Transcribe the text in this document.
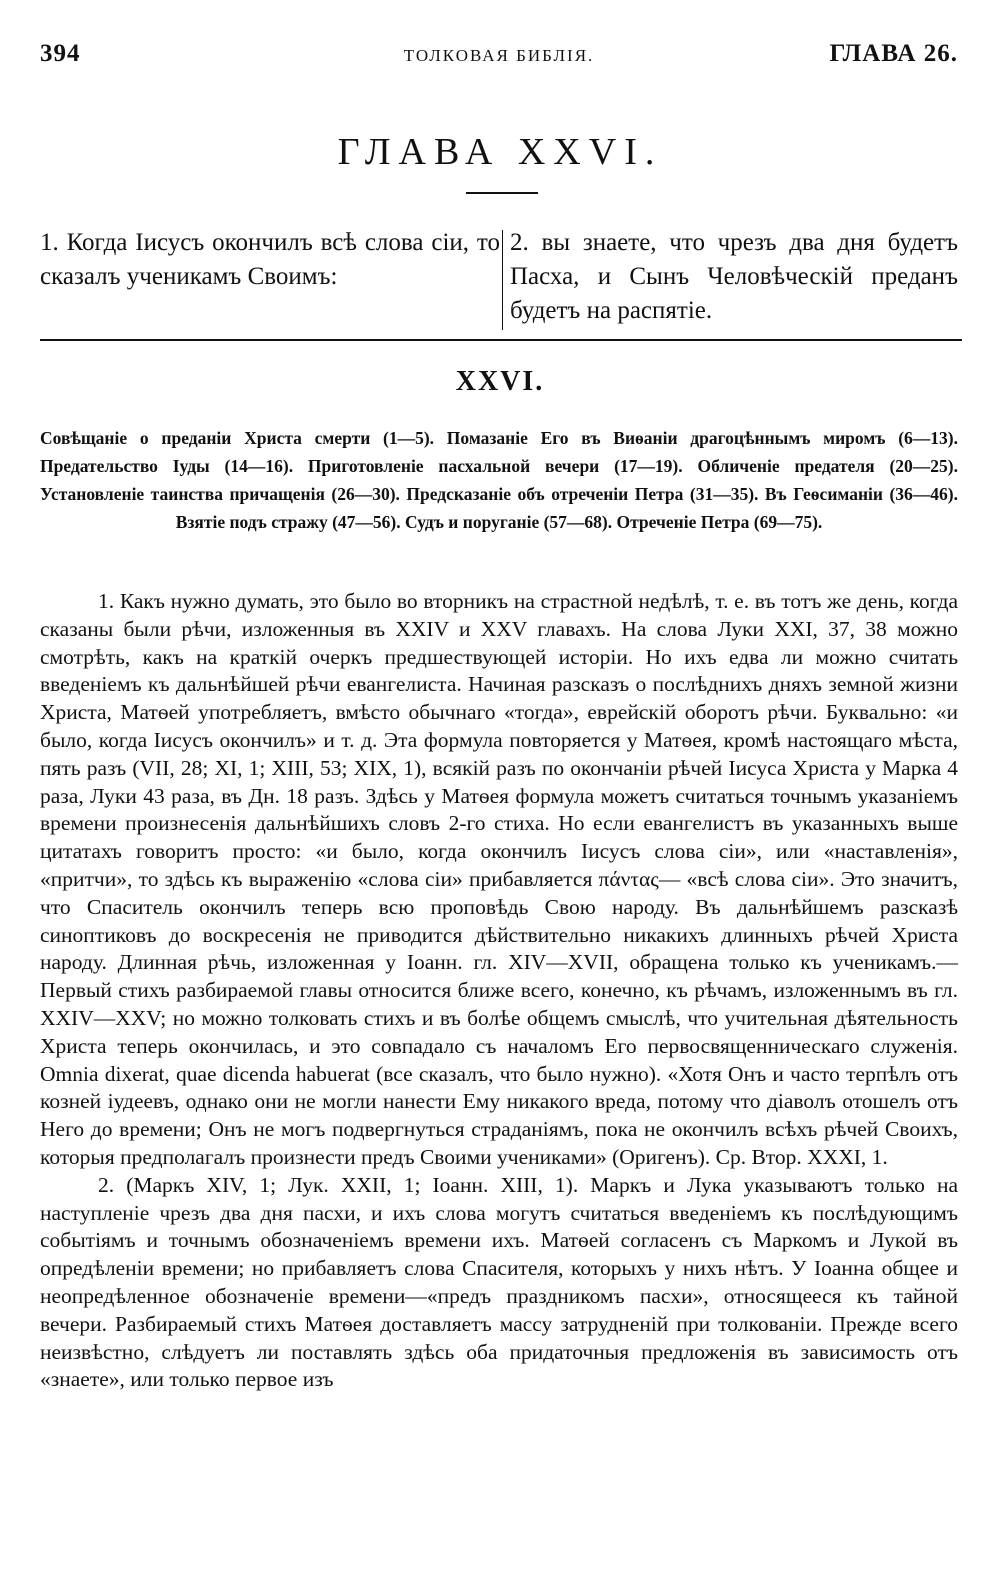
394	ТОЛКОВАЯ БИБЛІЯ.	ГЛАВА 26.
ГЛАВА XXVI.
1. Когда Іисусъ окончилъ всѣ слова сіи, то сказалъ ученикамъ Своимъ:
2. вы знаете, что чрезъ два дня будетъ Пасха, и Сынъ Человѣческій преданъ будетъ на распятіе.
XXVI.
Совѣщаніе о преданіи Христа смерти (1—5). Помазаніе Его въ Виѳаніи драгоцѣннымъ миромъ (6—13). Предательство Іуды (14—16). Приготовленіе пасхальной вечери (17—19). Обличеніе предателя (20—25). Установленіе таинства причащенія (26—30). Предсказаніе объ отреченіи Петра (31—35). Въ Геѳсиманіи (36—46). Взятіе подъ стражу (47—56). Судъ и поруганіе (57—68). Отреченіе Петра (69—75).

1. Какъ нужно думать, это было во вторникъ на страстной недѣлѣ, т. е. въ тотъ же день, когда сказаны были рѣчи, изложенныя въ XXIV и XXV главахъ. На слова Луки XXI, 37, 38 можно смотрѣть, какъ на краткій очеркъ предшествующей исторіи. Но ихъ едва ли можно считать введеніемъ къ дальнѣйшей рѣчи евангелиста. Начиная разсказъ о послѣднихъ дняхъ земной жизни Христа, Матѳей употребляетъ, вмѣсто обычнаго «тогда», еврейскій оборотъ рѣчи. Буквально: «и было, когда Іисусъ окончилъ» и т. д. Эта формула повторяется у Матѳея, кромѣ настоящаго мѣста, пять разъ (VII, 28; XI, 1; XIII, 53; XIX, 1), всякій разъ по окончаніи рѣчей Іисуса Христа у Марка 4 раза, Луки 43 раза, въ Дн. 18 разъ. Здѣсь у Матѳея формула можетъ считаться точнымъ указаніемъ времени произнесенія дальнѣйшихъ словъ 2-го стиха. Но если евангелистъ въ указанныхъ выше цитатахъ говоритъ просто: «и было, когда окончилъ Іисусъ слова сіи», или «наставленія», «притчи», то здѣсь къ выраженію «слова сіи» прибавляется πάντας— «всѣ слова сіи». Это значитъ, что Спаситель окончилъ теперь всю проповѣдь Свою народу. Въ дальнѣйшемъ разсказѣ синоптиковъ до воскресенія не приводится дѣйствительно никакихъ длинныхъ рѣчей Христа народу. Длинная рѣчь, изложенная у Іоанн. гл. XIV—XVII, обращена только къ ученикамъ.— Первый стихъ разбираемой главы относится ближе всего, конечно, къ рѣчамъ, изложеннымъ въ гл. XXIV—XXV; но можно толковать стихъ и въ болѣе общемъ смыслѣ, что учительная дѣятельность Христа теперь окончилась, и это совпадало съ началомъ Его первосвященническаго служенія. Omnia dixerat, quae dicenda habuerat (все сказалъ, что было нужно). «Хотя Онъ и часто терпѣлъ отъ козней іудеевъ, однако они не могли нанести Ему никакого вреда, потому что діаволъ отошелъ отъ Него до времени; Онъ не могъ подвергнуться страданіямъ, пока не окончилъ всѣхъ рѣчей Своихъ, которыя предполагалъ произнести предъ Своими учениками» (Оригенъ). Ср. Втор. XXXI, 1.

2. (Маркъ XIV, 1; Лук. XXII, 1; Іоанн. XIII, 1). Маркъ и Лука указываютъ только на наступленіе чрезъ два дня пасхи, и ихъ слова могутъ считаться введеніемъ къ послѣдующимъ событіямъ и точнымъ обозначеніемъ времени ихъ. Матѳей согласенъ съ Маркомъ и Лукой въ опредѣленіи времени; но прибавляетъ слова Спасителя, которыхъ у нихъ нѣтъ. У Іоанна общее и неопредѣленное обозначеніе времени—«предъ праздникомъ пасхи», относящееся къ тайной вечери. Разбираемый стихъ Матѳея доставляетъ массу затрудненій при толкованіи. Прежде всего неизвѣстно, слѣдуетъ ли поставлять здѣсь оба придаточныя предложенія въ зависимость отъ «знаете», или только первое изъ
